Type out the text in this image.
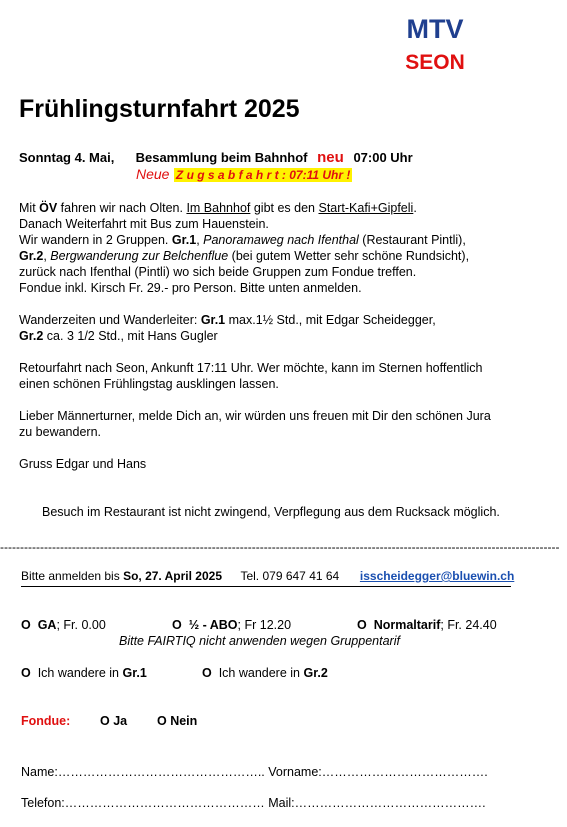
MTV
SEON
Frühlingsturnfahrt 2025
Sonntag 4. Mai, Besammlung beim Bahnhof neu 07:00 Uhr
Neue Z u g s a b f a h r t : 07:11 Uhr !
Mit ÖV fahren wir nach Olten. Im Bahnhof gibt es den Start-Kafi+Gipfeli.
Danach Weiterfahrt mit Bus zum Hauenstein.
Wir wandern in 2 Gruppen. Gr.1, Panoramaweg nach Ifenthal (Restaurant Pintli),
Gr.2, Bergwanderung zur Belchenflue (bei gutem Wetter sehr schöne Rundsicht),
zurück nach Ifenthal (Pintli) wo sich beide Gruppen zum Fondue treffen.
Fondue inkl. Kirsch Fr. 29.- pro Person. Bitte unten anmelden.
Wanderzeiten und Wanderleiter: Gr.1 max.1½ Std., mit Edgar Scheidegger,
Gr.2 ca. 3 1/2 Std., mit Hans Gugler
Retourfahrt nach Seon, Ankunft 17:11 Uhr. Wer möchte, kann im Sternen hoffentlich
einen schönen Frühlingstag ausklingen lassen.
Lieber Männerturner, melde Dich an, wir würden uns freuen mit Dir den schönen Jura
zu bewandern.
Gruss Edgar und Hans
Besuch im Restaurant ist nicht zwingend, Verpflegung aus dem Rucksack möglich.
--------------------------------------------------------------------------------------------------------------------------------------------
Bitte anmelden bis So, 27. April 2025 Tel. 079 647 41 64 isscheidegger@bluewin.ch
O GA; Fr. 0.00	O ½ - ABO; Fr 12.20	O Normaltarif; Fr. 24.40
Bitte FAIRTIQ nicht anwenden wegen Gruppentarif
O Ich wandere in Gr.1	O Ich wandere in Gr.2
Fondue: O Ja O Nein
Name:………………………………………….. Vorname:………………………………….
Telefon:………………………………………… Mail:……………………………………….
